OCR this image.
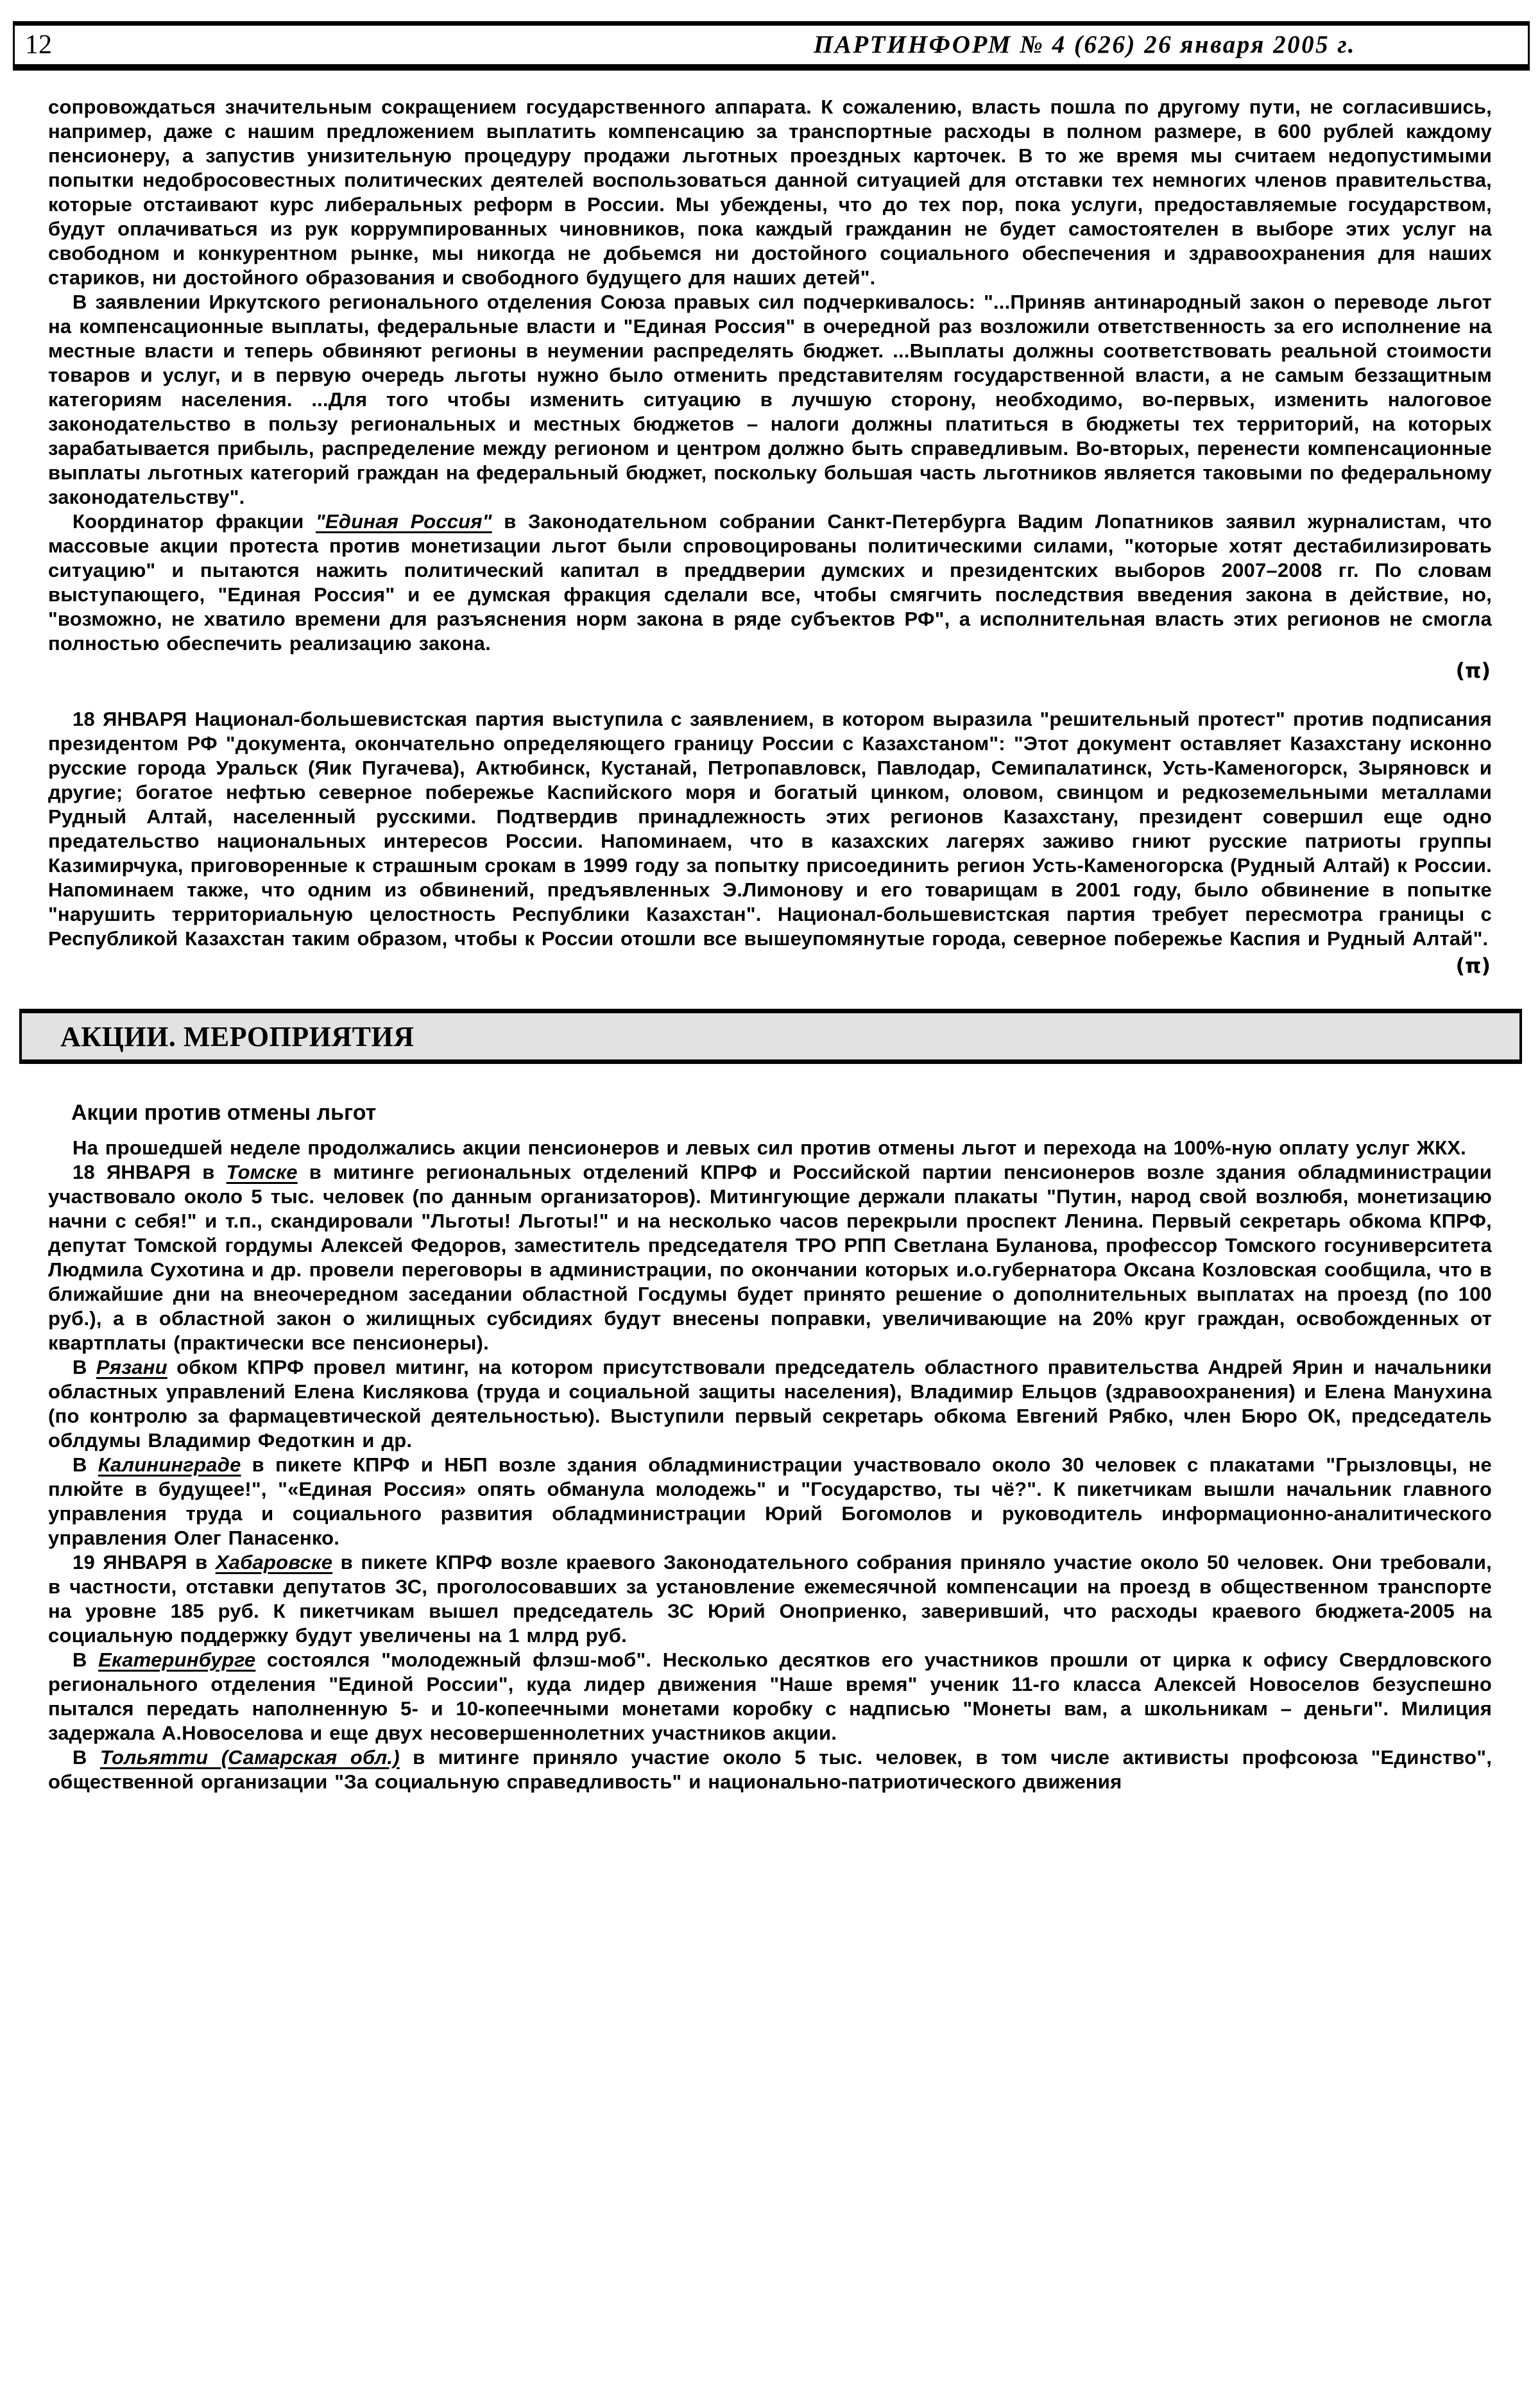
12	ПАРТИНФОРМ № 4 (626) 26 января 2005 г.

сопровождаться значительным сокращением государственного аппарата. К сожалению, власть пошла по другому пути, не согласившись, например, даже с нашим предложением выплатить компенсацию за транспортные расходы в полном размере, в 600 рублей каждому пенсионеру, а запустив унизительную процедуру продажи льготных проездных карточек. В то же время мы считаем недопустимыми попытки недобросовестных политических деятелей воспользоваться данной ситуацией для отставки тех немногих членов правительства, которые отстаивают курс либеральных реформ в России. Мы убеждены, что до тех пор, пока услуги, предоставляемые государством, будут оплачиваться из рук коррумпированных чиновников, пока каждый гражданин не будет самостоятелен в выборе этих услуг на свободном и конкурентном рынке, мы никогда не добьемся ни достойного социального обеспечения и здравоохранения для наших стариков, ни достойного образования и свободного будущего для наших детей".

В заявлении Иркутского регионального отделения Союза правых сил подчеркивалось: "...Приняв антинародный закон о переводе льгот на компенсационные выплаты, федеральные власти и "Единая Россия" в очередной раз возложили ответственность за его исполнение на местные власти и теперь обвиняют регионы в неумении распределять бюджет. ...Выплаты должны соответствовать реальной стоимости товаров и услуг, и в первую очередь льготы нужно было отменить представителям государственной власти, а не самым беззащитным категориям населения. ...Для того чтобы изменить ситуацию в лучшую сторону, необходимо, во-первых, изменить налоговое законодательство в пользу региональных и местных бюджетов – налоги должны платиться в бюджеты тех территорий, на которых зарабатывается прибыль, распределение между регионом и центром должно быть справедливым. Во-вторых, перенести компенсационные выплаты льготных категорий граждан на федеральный бюджет, поскольку большая часть льготников является таковыми по федеральному законодательству".

Координатор фракции "Единая Россия" в Законодательном собрании Санкт-Петербурга Вадим Лопатников заявил журналистам, что массовые акции протеста против монетизации льгот были спровоцированы политическими силами, "которые хотят дестабилизировать ситуацию" и пытаются нажить политический капитал в преддверии думских и президентских выборов 2007–2008 гг. По словам выступающего, "Единая Россия" и ее думская фракция сделали все, чтобы смягчить последствия введения закона в действие, но, "возможно, не хватило времени для разъяснения норм закона в ряде субъектов РФ", а исполнительная власть этих регионов не смогла полностью обеспечить реализацию закона.

(π)

18 ЯНВАРЯ Национал-большевистская партия выступила с заявлением, в котором выразила "решительный протест" против подписания президентом РФ "документа, окончательно определяющего границу России с Казахстаном": "Этот документ оставляет Казахстану исконно русские города Уральск (Яик Пугачева), Актюбинск, Кустанай, Петропавловск, Павлодар, Семипалатинск, Усть-Каменогорск, Зыряновск и другие; богатое нефтью северное побережье Каспийского моря и богатый цинком, оловом, свинцом и редкоземельными металлами Рудный Алтай, населенный русскими. Подтвердив принадлежность этих регионов Казахстану, президент совершил еще одно предательство национальных интересов России. Напоминаем, что в казахских лагерях заживо гниют русские патриоты группы Казимирчука, приговоренные к страшным срокам в 1999 году за попытку присоединить регион Усть-Каменогорска (Рудный Алтай) к России. Напоминаем также, что одним из обвинений, предъявленных Э.Лимонову и его товарищам в 2001 году, было обвинение в попытке "нарушить территориальную целостность Республики Казахстан". Национал-большевистская партия требует пересмотра границы с Республикой Казахстан таким образом, чтобы к России отошли все вышеупомянутые города, северное побережье Каспия и Рудный Алтай".

(π)

АКЦИИ. МЕРОПРИЯТИЯ
Акции против отмены льгот

На прошедшей неделе продолжались акции пенсионеров и левых сил против отмены льгот и перехода на 100%-ную оплату услуг ЖКХ.

18 ЯНВАРЯ в Томске в митинге региональных отделений КПРФ и Российской партии пенсионеров возле здания обладминистрации участвовало около 5 тыс. человек (по данным организаторов). Митингующие держали плакаты "Путин, народ свой возлюбя, монетизацию начни с себя!" и т.п., скандировали "Льготы! Льготы!" и на несколько часов перекрыли проспект Ленина. Первый секретарь обкома КПРФ, депутат Томской гордумы Алексей Федоров, заместитель председателя ТРО РПП Светлана Буланова, профессор Томского госуниверситета Людмила Сухотина и др. провели переговоры в администрации, по окончании которых и.о.губернатора Оксана Козловская сообщила, что в ближайшие дни на внеочередном заседании областной Госдумы будет принято решение о дополнительных выплатах на проезд (по 100 руб.), а в областной закон о жилищных субсидиях будут внесены поправки, увеличивающие на 20% круг граждан, освобожденных от квартплаты (практически все пенсионеры).

В Рязани обком КПРФ провел митинг, на котором присутствовали председатель областного правительства Андрей Ярин и начальники областных управлений Елена Кислякова (труда и социальной защиты населения), Владимир Ельцов (здравоохранения) и Елена Манухина (по контролю за фармацевтической деятельностью). Выступили первый секретарь обкома Евгений Рябко, член Бюро ОК, председатель облдумы Владимир Федоткин и др.

В Калининграде в пикете КПРФ и НБП возле здания обладминистрации участвовало около 30 человек с плакатами "Грызловцы, не плюйте в будущее!", "«Единая Россия» опять обманула молодежь" и "Государство, ты чё?". К пикетчикам вышли начальник главного управления труда и социального развития обладминистрации Юрий Богомолов и руководитель информационно-аналитического управления Олег Панасенко.

19 ЯНВАРЯ в Хабаровске в пикете КПРФ возле краевого Законодательного собрания приняло участие около 50 человек. Они требовали, в частности, отставки депутатов ЗС, проголосовавших за установление ежемесячной компенсации на проезд в общественном транспорте на уровне 185 руб. К пикетчикам вышел председатель ЗС Юрий Оноприенко, заверивший, что расходы краевого бюджета-2005 на социальную поддержку будут увеличены на 1 млрд руб.

В Екатеринбурге состоялся "молодежный флэш-моб". Несколько десятков его участников прошли от цирка к офису Свердловского регионального отделения "Единой России", куда лидер движения "Наше время" ученик 11-го класса Алексей Новоселов безуспешно пытался передать наполненную 5- и 10-копеечными монетами коробку с надписью "Монеты вам, а школьникам – деньги". Милиция задержала А.Новоселова и еще двух несовершеннолетних участников акции.

В Тольятти (Самарская обл.) в митинге приняло участие около 5 тыс. человек, в том числе активисты профсоюза "Единство", общественной организации "За социальную справедливость" и национально-патриотического движения
